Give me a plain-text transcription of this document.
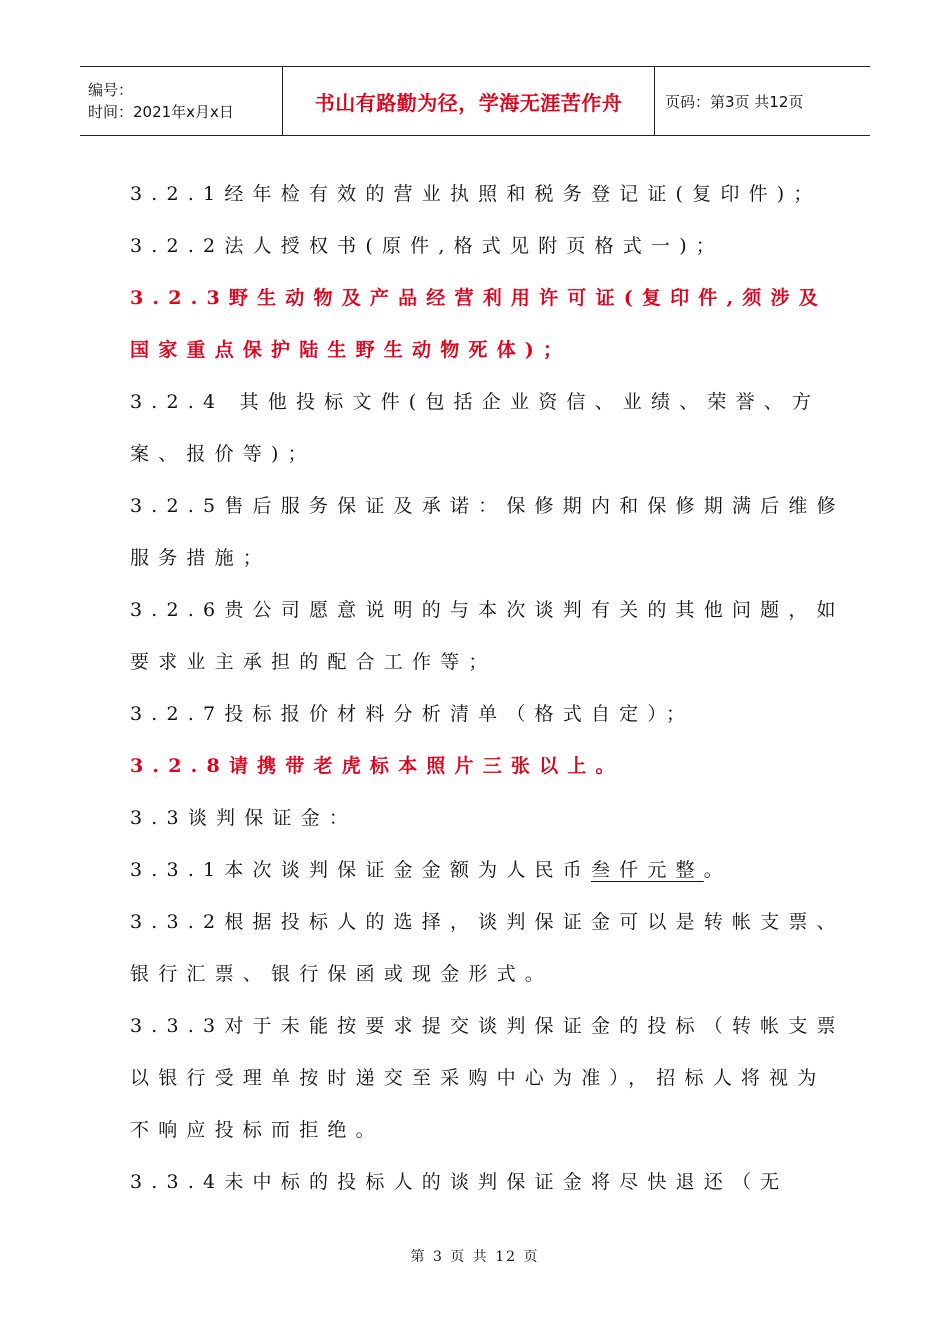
编号：
时间：2021年x月x日	书山有路勤为径，学海无涯苦作舟	页码：第3页 共12页

3.2.1经年检有效的营业执照和税务登记证(复印件)；

3.2.2法人授权书(原件,格式见附页格式一)；

3.2.3野生动物及产品经营利用许可证(复印件,须涉及国家重点保护陆生野生动物死体)；

3.2.4 其他投标文件(包括企业资信、业绩、荣誉、方案、报价等)；

3.2.5售后服务保证及承诺：保修期内和保修期满后维修服务措施；

3.2.6贵公司愿意说明的与本次谈判有关的其他问题，如要求业主承担的配合工作等；

3.2.7投标报价材料分析清单（格式自定）；

3.2.8请携带老虎标本照片三张以上。

3.3谈判保证金：

3.3.1本次谈判保证金金额为人民币叁仟元整。

3.3.2根据投标人的选择，谈判保证金可以是转帐支票、银行汇票、银行保函或现金形式。

3.3.3对于未能按要求提交谈判保证金的投标（转帐支票以银行受理单按时递交至采购中心为准），招标人将视为不响应投标而拒绝。

3.3.4未中标的投标人的谈判保证金将尽快退还（无

第 3 页 共 12 页
